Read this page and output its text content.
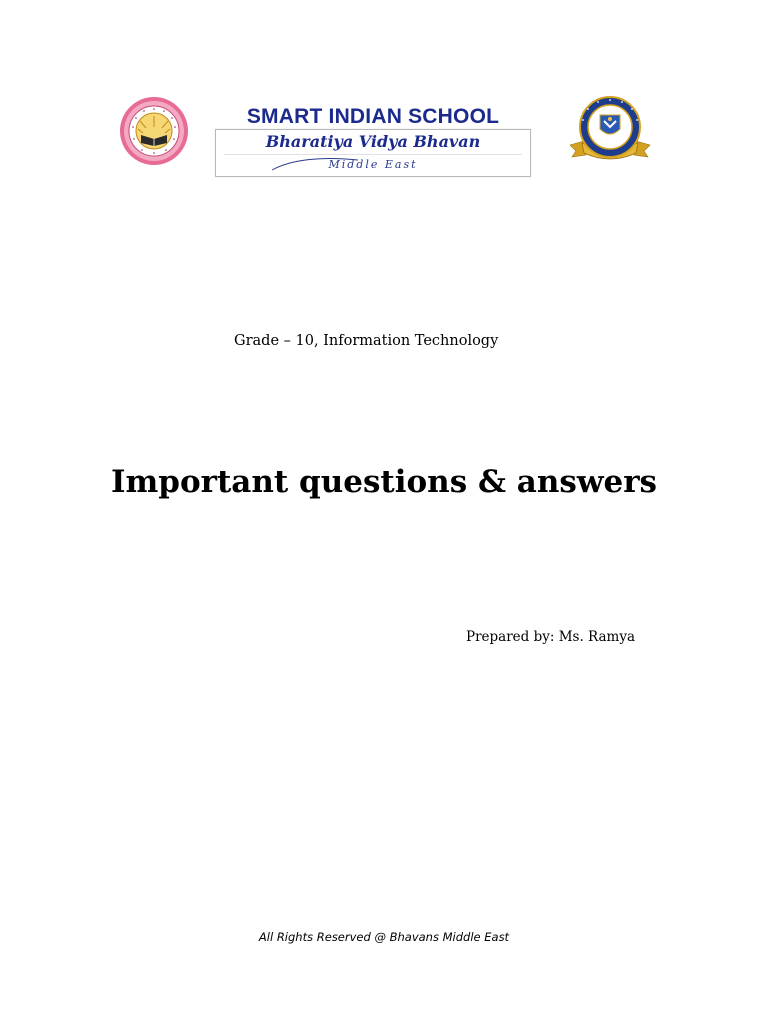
SMART INDIAN SCHOOL
Bharatiya Vidya Bhavan
Middle East
Grade – 10, Information Technology
Important questions & answers
Prepared by: Ms. Ramya
All Rights Reserved @ Bhavans Middle East
